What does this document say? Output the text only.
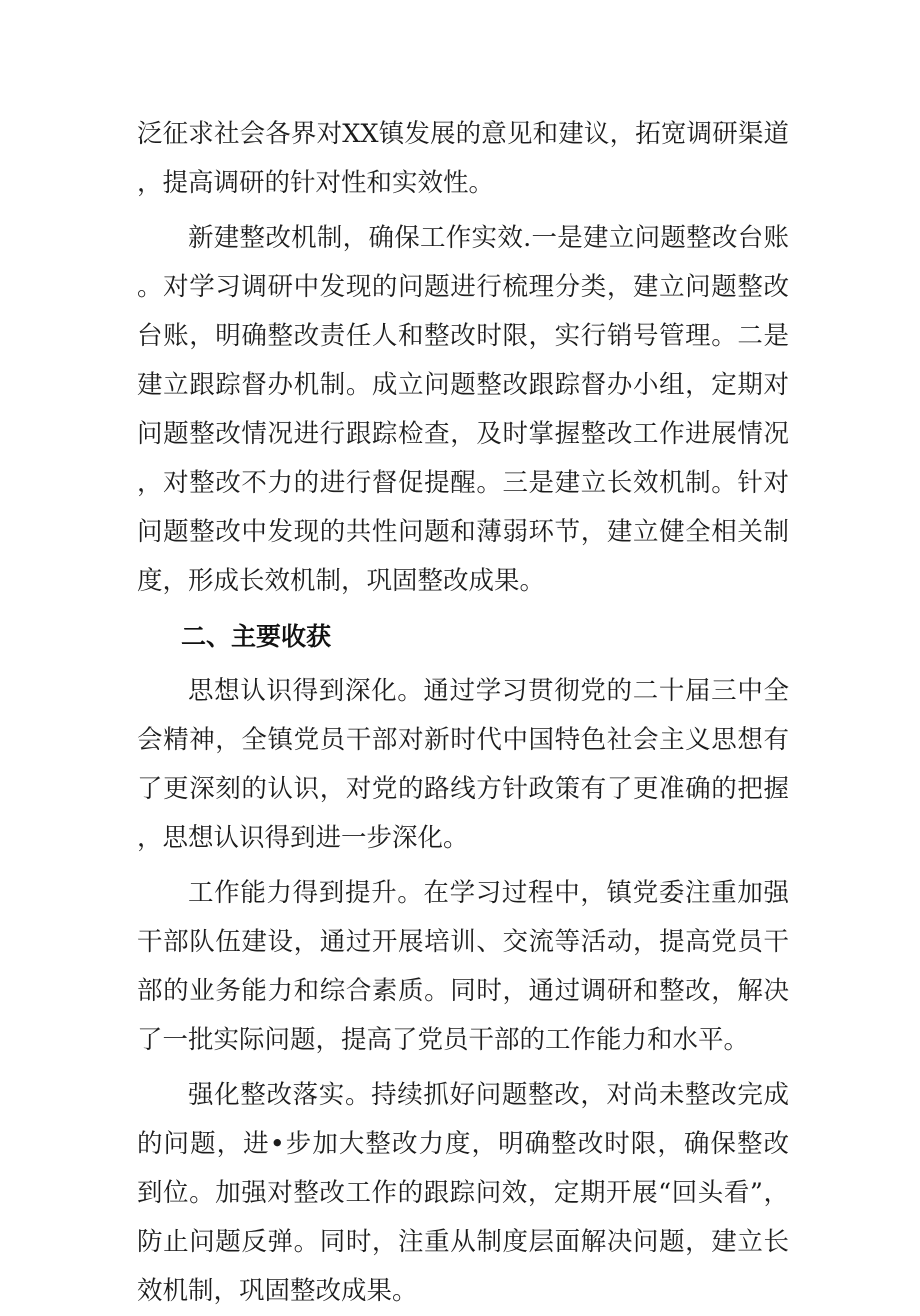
泛征求社会各界对XX镇发展的意见和建议，拓宽调研渠道，提高调研的针对性和实效性。

新建整改机制，确保工作实效.一是建立问题整改台账。对学习调研中发现的问题进行梳理分类，建立问题整改台账，明确整改责任人和整改时限，实行销号管理。二是建立跟踪督办机制。成立问题整改跟踪督办小组，定期对问题整改情况进行跟踪检查，及时掌握整改工作进展情况，对整改不力的进行督促提醒。三是建立长效机制。针对问题整改中发现的共性问题和薄弱环节，建立健全相关制度，形成长效机制，巩固整改成果。

二、主要收获

思想认识得到深化。通过学习贯彻党的二十届三中全会精神，全镇党员干部对新时代中国特色社会主义思想有了更深刻的认识，对党的路线方针政策有了更准确的把握，思想认识得到进一步深化。

工作能力得到提升。在学习过程中，镇党委注重加强干部队伍建设，通过开展培训、交流等活动，提高党员干部的业务能力和综合素质。同时，通过调研和整改，解决了一批实际问题，提高了党员干部的工作能力和水平。

强化整改落实。持续抓好问题整改，对尚未整改完成的问题，进•步加大整改力度，明确整改时限，确保整改到位。加强对整改工作的跟踪问效，定期开展“回头看”，防止问题反弹。同时，注重从制度层面解决问题，建立长效机制，巩固整改成果。
